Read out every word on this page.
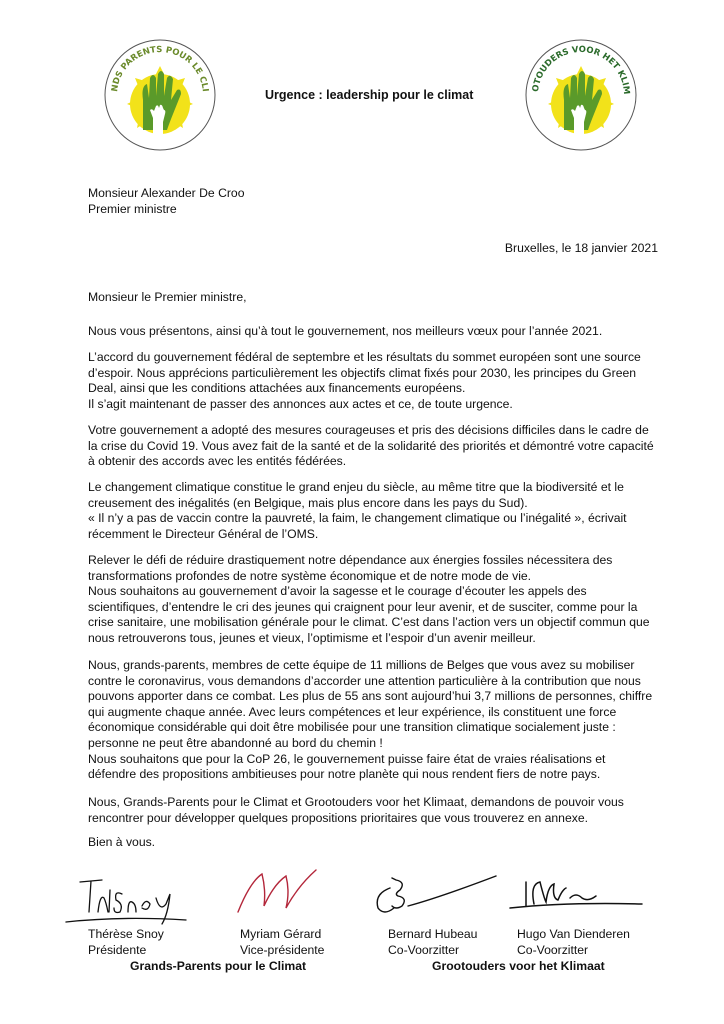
NDS PARENTS POUR LE CLI	Urgence : leadership pour le climat	OTOUDERS VOOR HET KLIM
Monsieur Alexander De Croo
Premier ministre
Bruxelles, le 18 janvier 2021
Monsieur le Premier ministre,
Nous vous présentons, ainsi qu’à tout le gouvernement, nos meilleurs vœux pour l’année 2021.
L’accord du gouvernement fédéral de septembre et les résultats du sommet européen sont une source
d’espoir. Nous apprécions particulièrement les objectifs climat fixés pour 2030, les principes du Green
Deal, ainsi que les conditions attachées aux financements européens.
Il s’agit maintenant de passer des annonces aux actes et ce, de toute urgence.
Votre gouvernement a adopté des mesures courageuses et pris des décisions difficiles dans le cadre de
la crise du Covid 19. Vous avez fait de la santé et de la solidarité des priorités et démontré votre capacité
à obtenir des accords avec les entités fédérées.
Le changement climatique constitue le grand enjeu du siècle, au même titre que la biodiversité et le
creusement des inégalités (en Belgique, mais plus encore dans les pays du Sud).
« Il n’y a pas de vaccin contre la pauvreté, la faim, le changement climatique ou l’inégalité », écrivait
récemment le Directeur Général de l’OMS.
Relever le défi de réduire drastiquement notre dépendance aux énergies fossiles nécessitera des
transformations profondes de notre système économique et de notre mode de vie.
Nous souhaitons au gouvernement d’avoir la sagesse et le courage d’écouter les appels des
scientifiques, d’entendre le cri des jeunes qui craignent pour leur avenir, et de susciter, comme pour la
crise sanitaire, une mobilisation générale pour le climat. C’est dans l’action vers un objectif commun que
nous retrouverons tous, jeunes et vieux, l’optimisme et l’espoir d’un avenir meilleur.
Nous, grands-parents, membres de cette équipe de 11 millions de Belges que vous avez su mobiliser
contre le coronavirus, vous demandons d’accorder une attention particulière à la contribution que nous
pouvons apporter dans ce combat. Les plus de 55 ans sont aujourd’hui 3,7 millions de personnes, chiffre
qui augmente chaque année. Avec leurs compétences et leur expérience, ils constituent une force
économique considérable qui doit être mobilisée pour une transition climatique socialement juste :
personne ne peut être abandonné au bord du chemin !
Nous souhaitons que pour la CoP 26, le gouvernement puisse faire état de vraies réalisations et
défendre des propositions ambitieuses pour notre planète qui nous rendent fiers de notre pays.
Nous, Grands-Parents pour le Climat et Grootouders voor het Klimaat, demandons de pouvoir vous
rencontrer pour développer quelques propositions prioritaires que vous trouverez en annexe.
Bien à vous.
Thérèse Snoy
Présidente
Myriam Gérard
Vice-présidente
Bernard Hubeau
Co-Voorzitter
Hugo Van Dienderen
Co-Voorzitter
Grands-Parents pour le Climat	Grootouders voor het Klimaat
